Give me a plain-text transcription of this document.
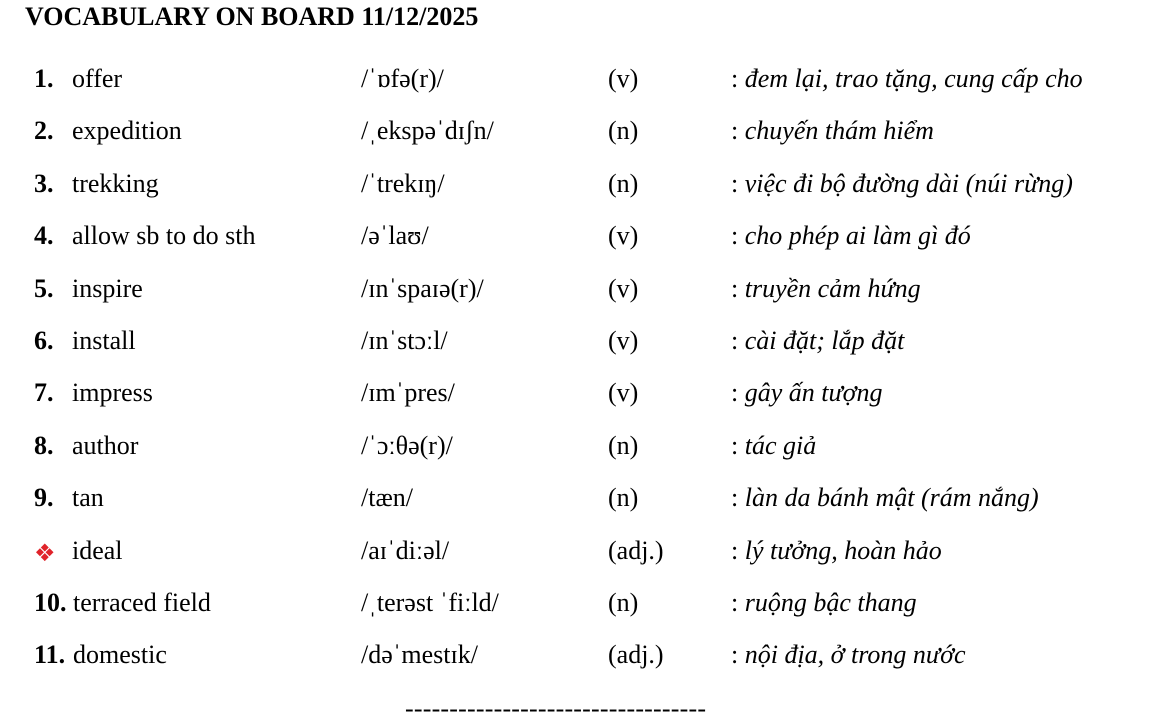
VOCABULARY ON BOARD 11/12/2025
1. offer	/ˈɒfə(r)/	(v)	: đem lại, trao tặng, cung cấp cho
2. expedition	/ˌekspəˈdɪʃn/	(n)	: chuyến thám hiểm
3. trekking	/ˈtrekɪŋ/	(n)	: việc đi bộ đường dài (núi rừng)
4. allow sb to do sth	/əˈlaʊ/	(v)	: cho phép ai làm gì đó
5. inspire	/ɪnˈspaɪə(r)/	(v)	: truyền cảm hứng
6. install	/ɪnˈstɔːl/	(v)	: cài đặt; lắp đặt
7. impress	/ɪmˈpres/	(v)	: gây ấn tượng
8. author	/ˈɔːθə(r)/	(n)	: tác giả
9. tan	/tæn/	(n)	: làn da bánh mật (rám nắng)
❖ ideal	/aɪˈdiːəl/	(adj.)	: lý tưởng, hoàn hảo
10. terraced field	/ˌterəst ˈfiːld/	(n)	: ruộng bậc thang
11. domestic	/dəˈmestɪk/	(adj.)	: nội địa, ở trong nước
----------------------------------
